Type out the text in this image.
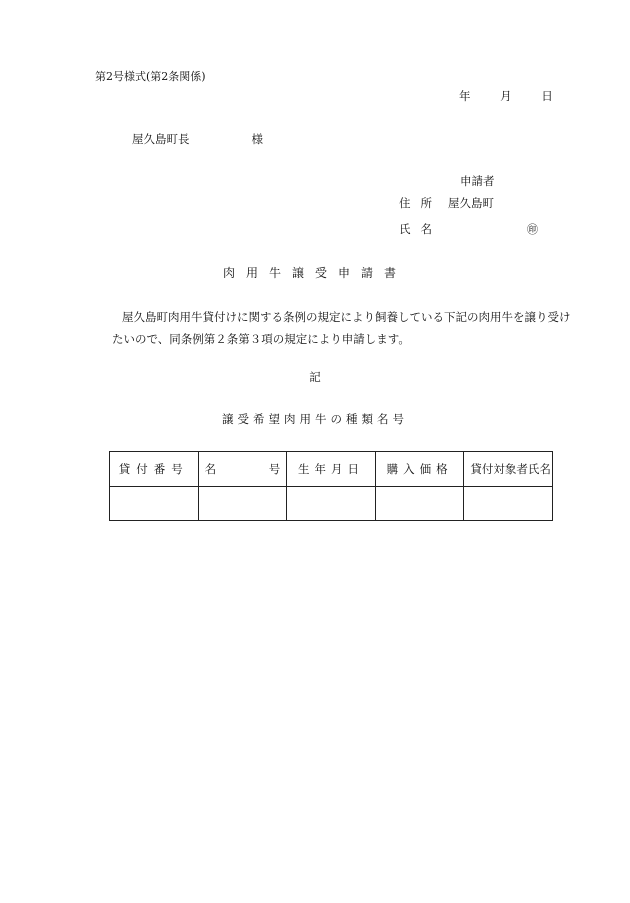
第2号様式(第2条関係)
年	月	日
屋久島町長	様
申請者
住所 屋久島町
氏名	㊞
肉用牛譲受申請書
屋久島町肉用牛貸付けに関する条例の規定により飼養している下記の肉用牛を譲り受けたいので、同条例第２条第３項の規定により申請します。
記
譲受希望肉用牛の種類名号
貸付番号	名 号	生年月日	購入価格	貸付対象者氏名
